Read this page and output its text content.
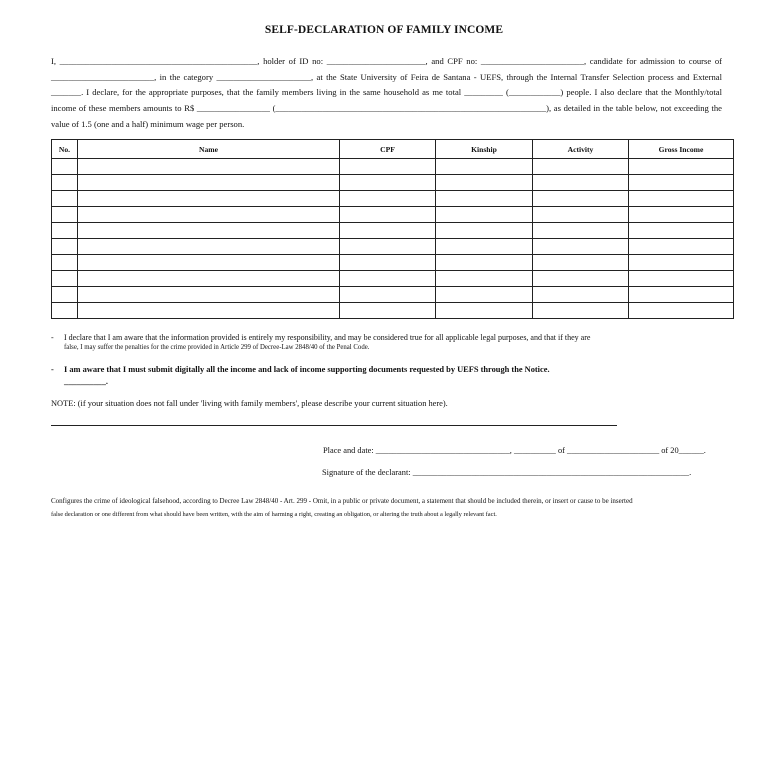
SELF-DECLARATION OF FAMILY INCOME
I, ______________________________________________, holder of ID no: _______________________, and CPF no: ________________________, candidate for admission to course of ________________________, in the category ______________________, at the State University of Feira de Santana - UEFS, through the Internal Transfer Selection process and External _______. I declare, for the appropriate purposes, that the family members living in the same household as me total _________ (____________) people. I also declare that the Monthly/total income of these members amounts to R$ _________________ (_______________________________________________________________), as detailed in the table below, not exceeding the value of 1.5 (one and a half) minimum wage per person.
No.	Name	CPF	Kinship	Activity	Gross Income

- I declare that I am aware that the information provided is entirely my responsibility, and may be considered true for all applicable legal purposes, and that if they are
false, I may suffer the penalties for the crime provided in Article 299 of Decree-Law 2848/40 of the Penal Code.
- I am aware that I must submit digitally all the income and lack of income supporting documents requested by UEFS through the Notice.
__________.
NOTE: (if your situation does not fall under 'living with family members', please describe your current situation here).
Place and date: ________________________________, __________ of ______________________ of 20______.
Signature of the declarant: __________________________________________________________________.
Configures the crime of ideological falsehood, according to Decree Law 2848/40 - Art. 299 - Omit, in a public or private document, a statement that should be included therein, or insert or cause to be inserted
false declaration or one different from what should have been written, with the aim of harming a right, creating an obligation, or altering the truth about a legally relevant fact.
